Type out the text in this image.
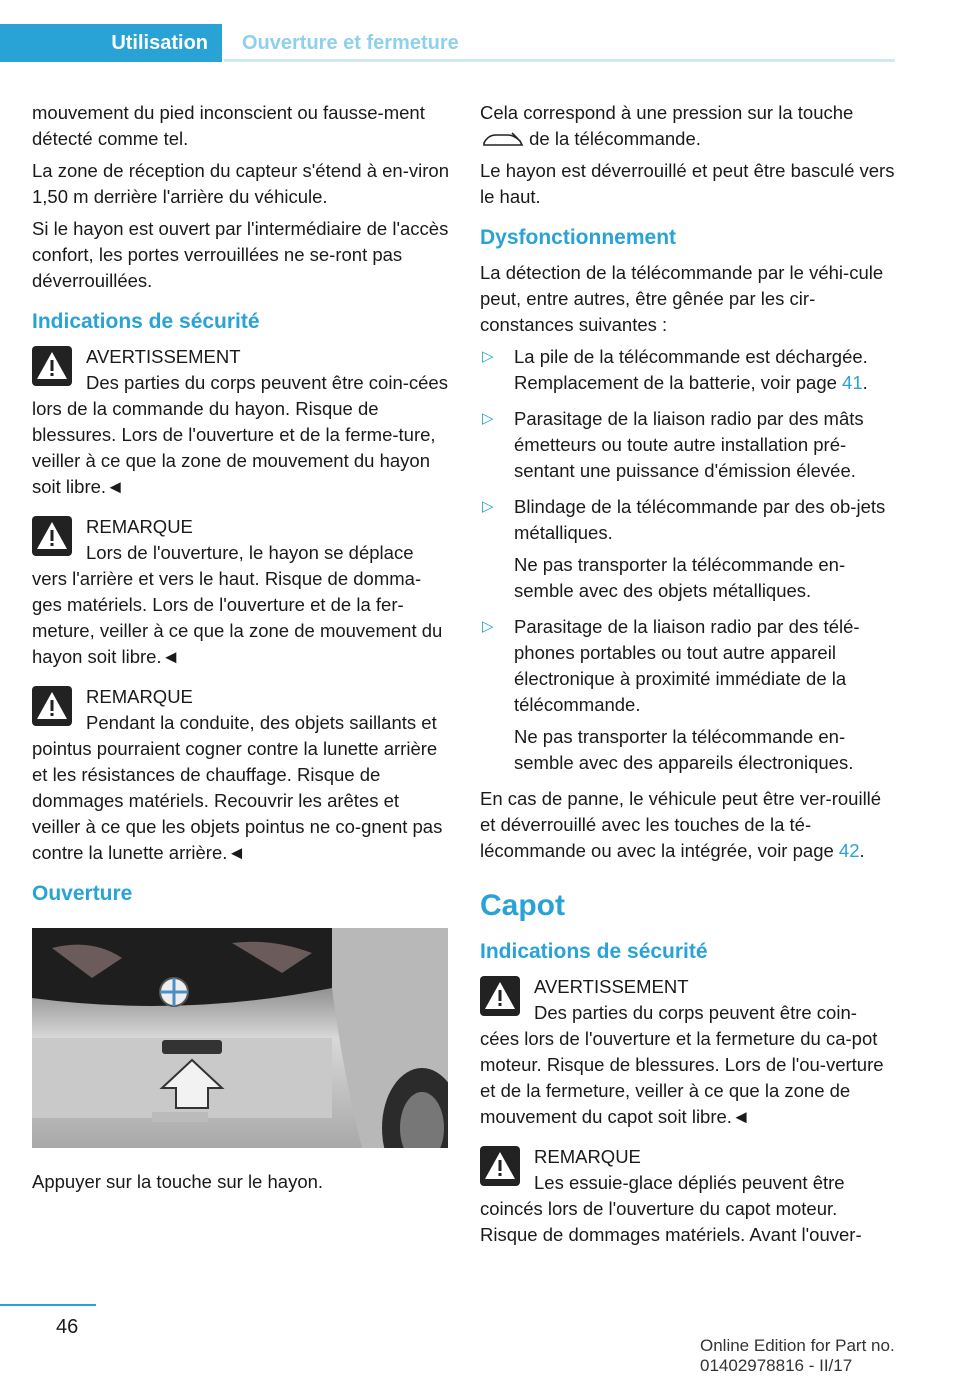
Utilisation	Ouverture et fermeture

mouvement du pied inconscient ou fausse-ment détecté comme tel.

La zone de réception du capteur s'étend à en-viron 1,50 m derrière l'arrière du véhicule.

Si le hayon est ouvert par l'intermédiaire de l'accès confort, les portes verrouillées ne se-ront pas déverrouillées.

Indications de sécurité
AVERTISSEMENT
Des parties du corps peuvent être coin-cées lors de la commande du hayon. Risque de blessures. Lors de l'ouverture et de la ferme-ture, veiller à ce que la zone de mouvement du hayon soit libre.◄
REMARQUE
Lors de l'ouverture, le hayon se déplace vers l'arrière et vers le haut. Risque de domma-ges matériels. Lors de l'ouverture et de la fer-meture, veiller à ce que la zone de mouvement du hayon soit libre.◄
REMARQUE
Pendant la conduite, des objets saillants et pointus pourraient cogner contre la lunette arrière et les résistances de chauffage. Risque de dommages matériels. Recouvrir les arêtes et veiller à ce que les objets pointus ne co-gnent pas contre la lunette arrière.◄
Ouverture

Appuyer sur la touche sur le hayon.

Cela correspond à une pression sur la touche
de la télécommande.

Le hayon est déverrouillé et peut être basculé vers le haut.

Dysfonctionnement

La détection de la télécommande par le véhi-cule peut, entre autres, être gênée par les cir-constances suivantes :

▷ La pile de la télécommande est déchargée. Remplacement de la batterie, voir page 41.
▷ Parasitage de la liaison radio par des mâts émetteurs ou toute autre installation pré-sentant une puissance d'émission élevée.
▷ Blindage de la télécommande par des ob-jets métalliques.
Ne pas transporter la télécommande en-semble avec des objets métalliques.
▷ Parasitage de la liaison radio par des télé-phones portables ou tout autre appareil électronique à proximité immédiate de la télécommande.
Ne pas transporter la télécommande en-semble avec des appareils électroniques.

En cas de panne, le véhicule peut être ver-rouillé et déverrouillé avec les touches de la té-lécommande ou avec la intégrée, voir page 42.

Capot
Indications de sécurité
AVERTISSEMENT
Des parties du corps peuvent être coin-cées lors de l'ouverture et la fermeture du ca-pot moteur. Risque de blessures. Lors de l'ou-verture et de la fermeture, veiller à ce que la zone de mouvement du capot soit libre.◄
REMARQUE
Les essuie-glace dépliés peuvent être coincés lors de l'ouverture du capot moteur. Risque de dommages matériels. Avant l'ouver-
46
Online Edition for Part no. 01402978816 - II/17
